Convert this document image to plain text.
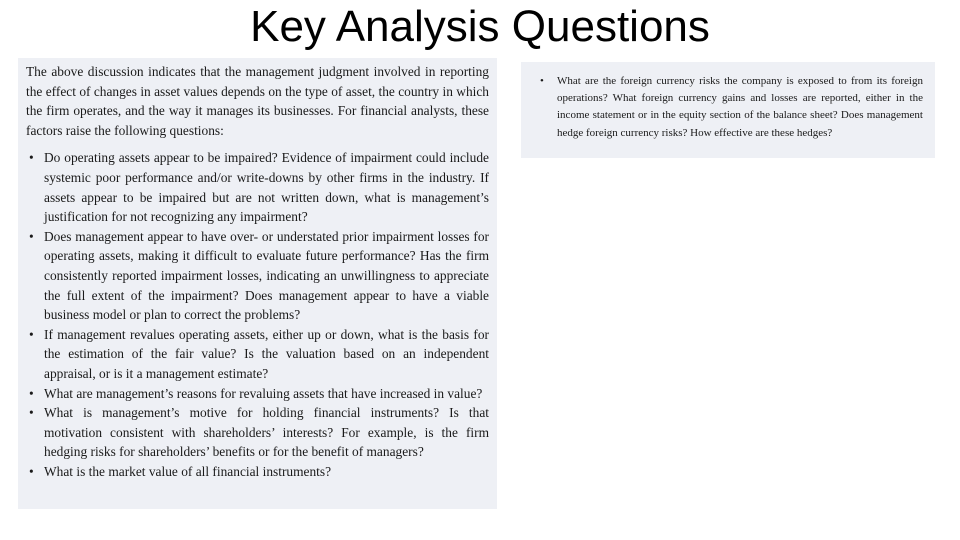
Key Analysis Questions

The above discussion indicates that the management judgment involved in reporting the effect of changes in asset values depends on the type of asset, the country in which the firm operates, and the way it manages its businesses. For financial analysts, these factors raise the following questions:

• Do operating assets appear to be impaired? Evidence of impairment could include systemic poor performance and/or write-downs by other firms in the industry. If assets appear to be impaired but are not written down, what is management’s justification for not recognizing any impairment?
• Does management appear to have over- or understated prior impairment losses for operating assets, making it difficult to evaluate future performance? Has the firm consistently reported impairment losses, indicating an unwillingness to appreciate the full extent of the impairment? Does management appear to have a viable business model or plan to correct the problems?
• If management revalues operating assets, either up or down, what is the basis for the estimation of the fair value? Is the valuation based on an independent appraisal, or is it a management estimate?
• What are management’s reasons for revaluing assets that have increased in value?
• What is management’s motive for holding financial instruments? Is that motivation consistent with shareholders’ interests? For example, is the firm hedging risks for shareholders’ benefits or for the benefit of managers?
• What is the market value of all financial instruments?
• What are the foreign currency risks the company is exposed to from its foreign operations? What foreign currency gains and losses are reported, either in the income statement or in the equity section of the balance sheet? Does management hedge foreign currency risks? How effective are these hedges?
